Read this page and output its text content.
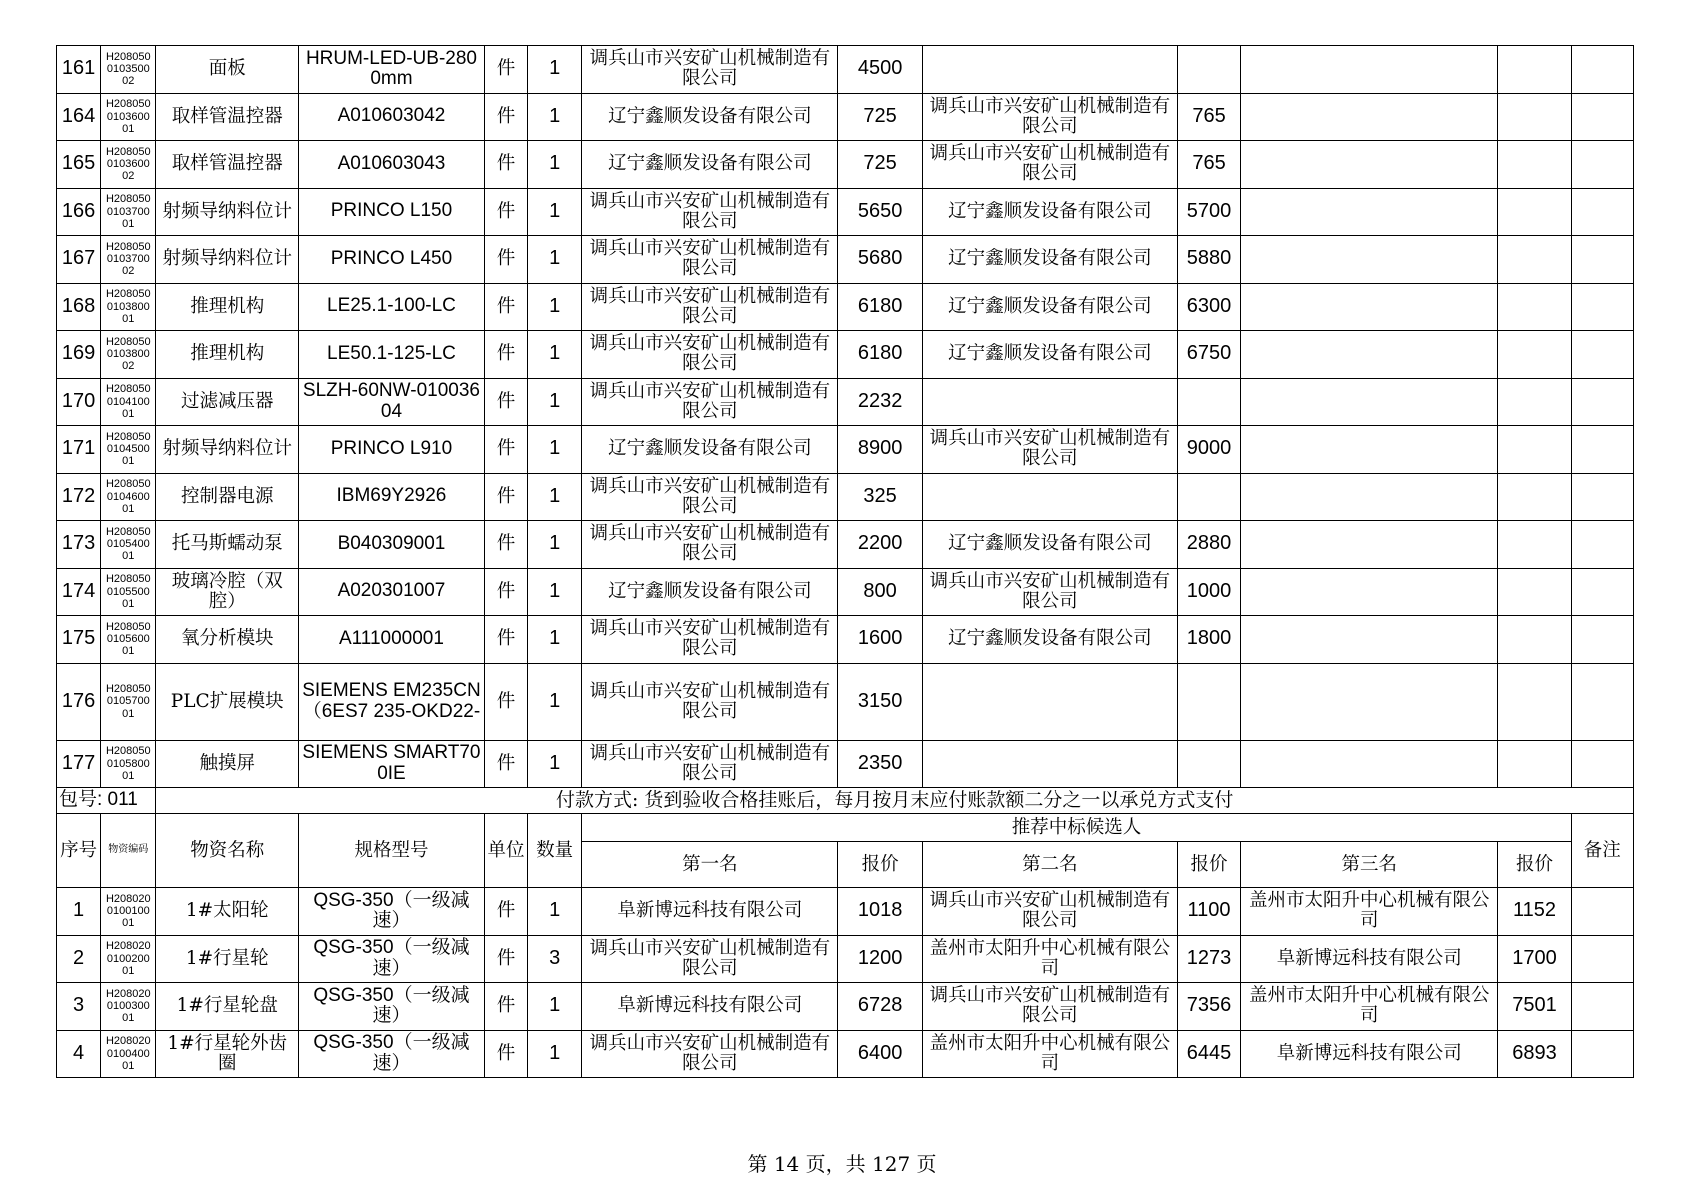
161	H2080500103500 02	面板	HRUM-LED-UB-2800mm	件	1	调兵山市兴安矿山机械制造有限公司	4500					
164	H2080500103600 01	取样管温控器	A010603042	件	1	辽宁鑫顺发设备有限公司	725	调兵山市兴安矿山机械制造有限公司	765			
165	H2080500103600 02	取样管温控器	A010603043	件	1	辽宁鑫顺发设备有限公司	725	调兵山市兴安矿山机械制造有限公司	765			
166	H2080500103700 01	射频导纳料位计	PRINCO L150	件	1	调兵山市兴安矿山机械制造有限公司	5650	辽宁鑫顺发设备有限公司	5700			
167	H2080500103700 02	射频导纳料位计	PRINCO L450	件	1	调兵山市兴安矿山机械制造有限公司	5680	辽宁鑫顺发设备有限公司	5880			
168	H2080500103800 01	推理机构	LE25.1-100-LC	件	1	调兵山市兴安矿山机械制造有限公司	6180	辽宁鑫顺发设备有限公司	6300			
169	H2080500103800 02	推理机构	LE50.1-125-LC	件	1	调兵山市兴安矿山机械制造有限公司	6180	辽宁鑫顺发设备有限公司	6750			
170	H2080500104100 01	过滤减压器	SLZH-60NW-01003604	件	1	调兵山市兴安矿山机械制造有限公司	2232					
171	H2080500104500 01	射频导纳料位计	PRINCO L910	件	1	辽宁鑫顺发设备有限公司	8900	调兵山市兴安矿山机械制造有限公司	9000			
172	H2080500104600 01	控制器电源	IBM69Y2926	件	1	调兵山市兴安矿山机械制造有限公司	325					
173	H2080500105400 01	托马斯蠕动泵	B040309001	件	1	调兵山市兴安矿山机械制造有限公司	2200	辽宁鑫顺发设备有限公司	2880			
174	H2080500105500 01	玻璃冷腔（双腔）	A020301007	件	1	辽宁鑫顺发设备有限公司	800	调兵山市兴安矿山机械制造有限公司	1000			
175	H2080500105600 01	氧分析模块	A111000001	件	1	调兵山市兴安矿山机械制造有限公司	1600	辽宁鑫顺发设备有限公司	1800			
176	H2080500105700 01	PLC扩展模块	SIEMENS EM235CN （6ES7 235-OKD22-	件	1	调兵山市兴安矿山机械制造有限公司	3150					
177	H2080500105800 01	触摸屏	SIEMENS SMART700IE	件	1	调兵山市兴安矿山机械制造有限公司	2350					
包号: 011		付款方式: 货到验收合格挂账后，每月按月末应付账款额二分之一以承兑方式支付										
序号	物资编码	物资名称	规格型号	单位	数量	推荐中标候选人						备注
						第一名	报价	第二名	报价	第三名	报价	
1	H2080200100100 01	1#太阳轮	QSG-350（一级减速）	件	1	阜新博远科技有限公司	1018	调兵山市兴安矿山机械制造有限公司	1100	盖州市太阳升中心机械有限公司	1152	
2	H2080200100200 01	1#行星轮	QSG-350（一级减速）	件	3	调兵山市兴安矿山机械制造有限公司	1200	盖州市太阳升中心机械有限公司	1273	阜新博远科技有限公司	1700	
3	H2080200100300 01	1#行星轮盘	QSG-350（一级减速）	件	1	阜新博远科技有限公司	6728	调兵山市兴安矿山机械制造有限公司	7356	盖州市太阳升中心机械有限公司	7501	
4	H2080200100400 01	1#行星轮外齿圈	QSG-350（一级减速）	件	1	调兵山市兴安矿山机械制造有限公司	6400	盖州市太阳升中心机械有限公司	6445	阜新博远科技有限公司	6893	
第 14 页，共 127 页
